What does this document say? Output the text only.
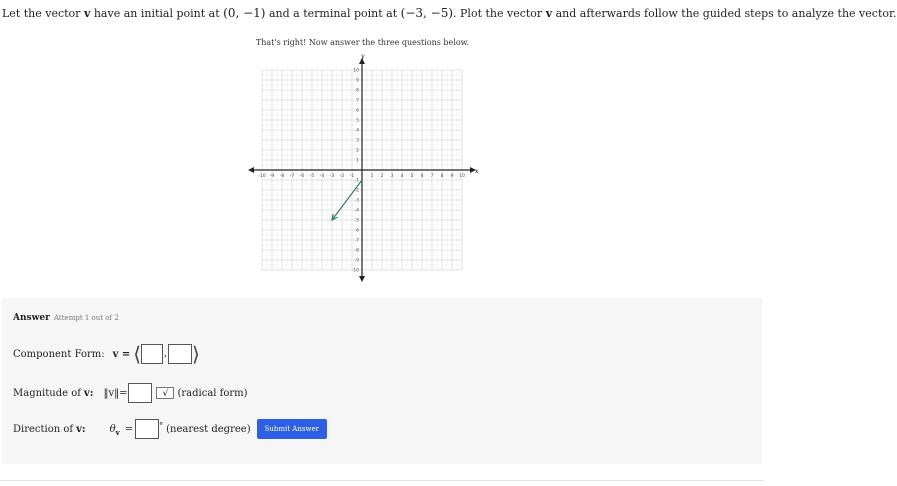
Let the vector v have an initial point at (0, −1) and a terminal point at (−3, −5). Plot the vector v and afterwards follow the guided steps to analyze the vector.
That's right! Now answer the three questions below.
x
y
-10 -9 -8 -7 -6 -5 -4 -3 -2 -1	1 2 3 4 5 6 7 8 9 10
10
9
8
7
6
5
4
3
2
1
-1
-2
-3
-4
-5
-6
-7
-8
-9
-10
Answer Attempt 1 out of 2
Component Form: v = ⟨	, ⟩
Magnitude of v: ‖v‖=	√ (radical form)
Direction of v: θ v =	° (nearest degree)	Submit Answer
